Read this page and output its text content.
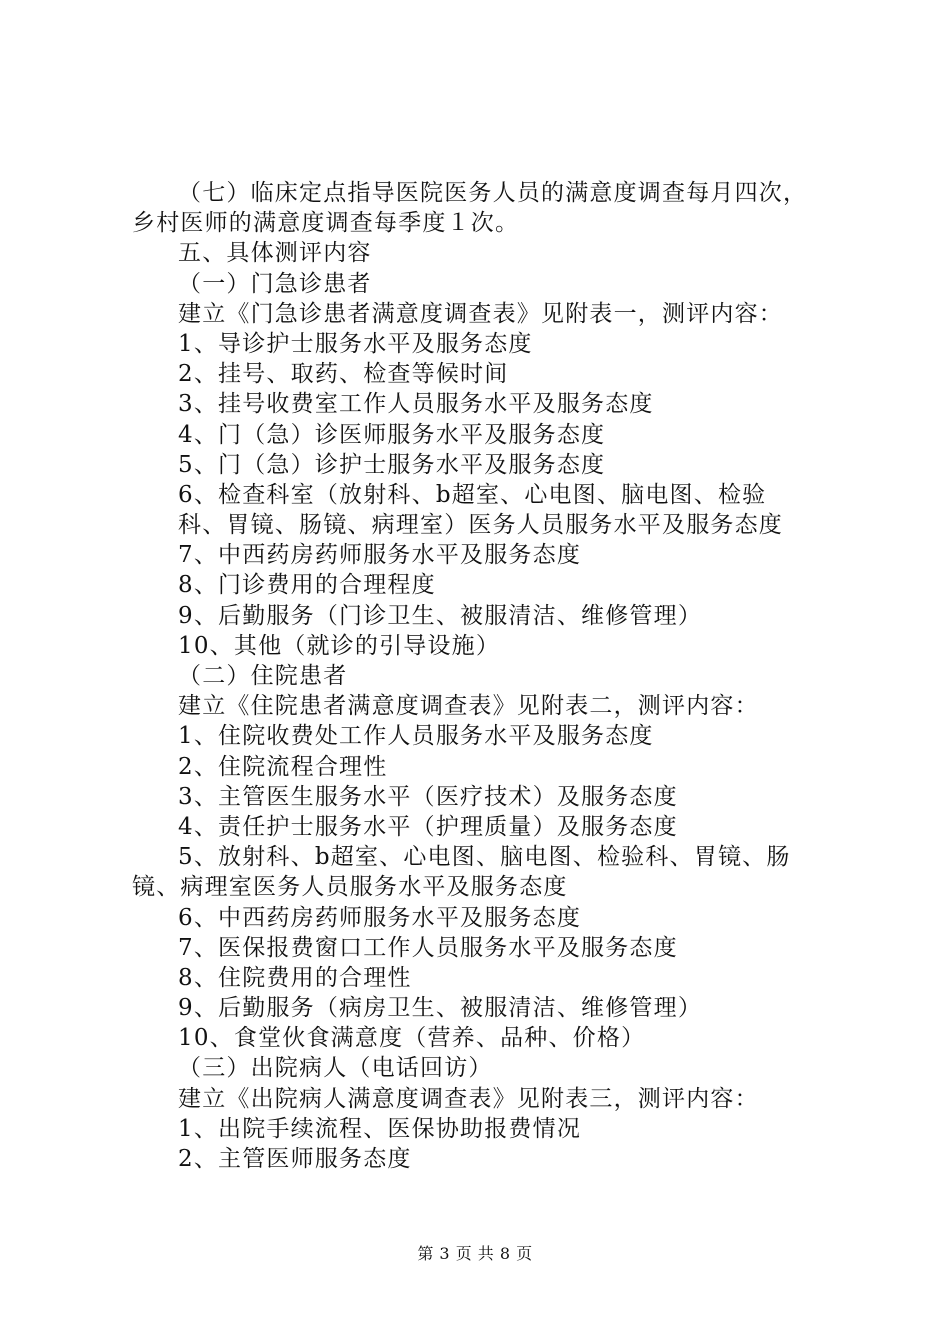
（七）临床定点指导医院医务人员的满意度调查每月四次，
乡村医师的满意度调查每季度１次。
五、具体测评内容
（一）门急诊患者
建立《门急诊患者满意度调查表》见附表一，测评内容：
1、导诊护士服务水平及服务态度
2、挂号、取药、检查等候时间
3、挂号收费室工作人员服务水平及服务态度
4、门（急）诊医师服务水平及服务态度
5、门（急）诊护士服务水平及服务态度
6、检查科室（放射科、b超室、心电图、脑电图、检验
科、胃镜、肠镜、病理室）医务人员服务水平及服务态度
7、中西药房药师服务水平及服务态度
8、门诊费用的合理程度
9、后勤服务（门诊卫生、被服清洁、维修管理）
10、其他（就诊的引导设施）
（二）住院患者
建立《住院患者满意度调查表》见附表二，测评内容：
1、住院收费处工作人员服务水平及服务态度
2、住院流程合理性
3、主管医生服务水平（医疗技术）及服务态度
4、责任护士服务水平（护理质量）及服务态度
5、放射科、b超室、心电图、脑电图、检验科、胃镜、肠
镜、病理室医务人员服务水平及服务态度
6、中西药房药师服务水平及服务态度
7、医保报费窗口工作人员服务水平及服务态度
8、住院费用的合理性
9、后勤服务（病房卫生、被服清洁、维修管理）
10、食堂伙食满意度（营养、品种、价格）
（三）出院病人（电话回访）
建立《出院病人满意度调查表》见附表三，测评内容：
1、出院手续流程、医保协助报费情况
2、主管医师服务态度
第 3 页 共 8 页
